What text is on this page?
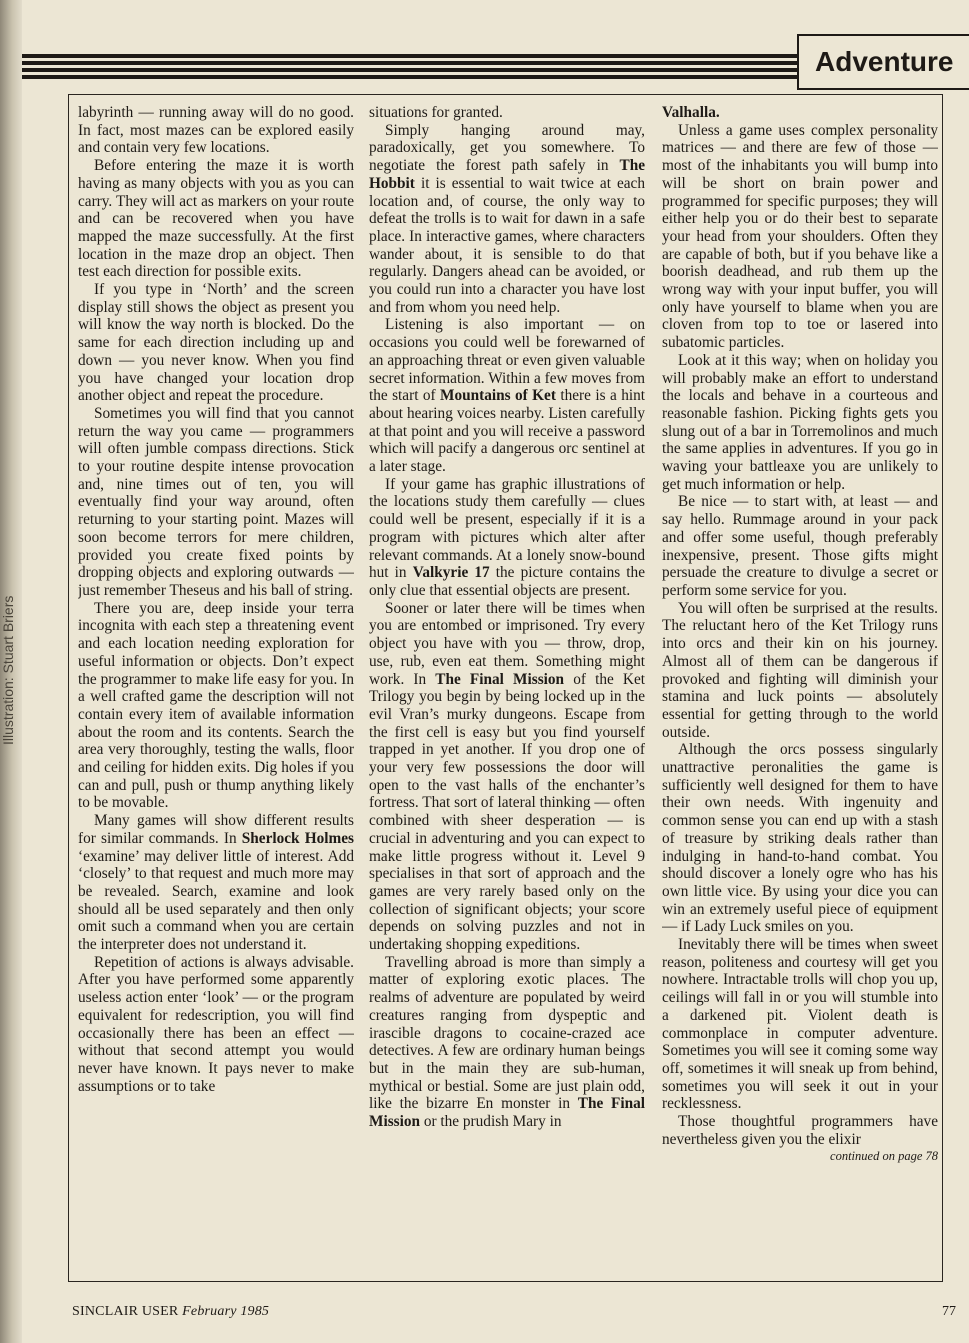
Illustration: Stuart Briers
Adventure

labyrinth — running away will do no good. In fact, most mazes can be explored easily and contain very few locations.

Before entering the maze it is worth having as many objects with you as you can carry. They will act as markers on your route and can be recovered when you have mapped the maze successfully. At the first location in the maze drop an object. Then test each direction for possible exits.

If you type in ‘North’ and the screen display still shows the object as present you will know the way north is blocked. Do the same for each direction including up and down — you never know. When you find you have changed your location drop another object and repeat the procedure.

Sometimes you will find that you cannot return the way you came — programmers will often jumble compass directions. Stick to your routine despite intense provocation and, nine times out of ten, you will eventually find your way around, often returning to your starting point. Mazes will soon become terrors for mere children, provided you create fixed points by dropping objects and exploring outwards — just remember Theseus and his ball of string.

There you are, deep inside your terra incognita with each step a threatening event and each location needing exploration for useful information or objects. Don’t expect the programmer to make life easy for you. In a well crafted game the description will not contain every item of available information about the room and its contents. Search the area very thoroughly, testing the walls, floor and ceiling for hidden exits. Dig holes if you can and pull, push or thump anything likely to be movable.

Many games will show different results for similar commands. In Sherlock Holmes ‘examine’ may deliver little of interest. Add ‘closely’ to that request and much more may be revealed. Search, examine and look should all be used separately and then only omit such a command when you are certain the interpreter does not understand it.

Repetition of actions is always advisable. After you have performed some apparently useless action enter ‘look’ — or the program equivalent for redescription, you will find occasionally there has been an effect — without that second attempt you would never have known. It pays never to make assumptions or to take

situations for granted.

Simply hanging around may, paradoxically, get you somewhere. To negotiate the forest path safely in The Hobbit it is essential to wait twice at each location and, of course, the only way to defeat the trolls is to wait for dawn in a safe place. In interactive games, where characters wander about, it is sensible to do that regularly. Dangers ahead can be avoided, or you could run into a character you have lost and from whom you need help.

Listening is also important — on occasions you could well be forewarned of an approaching threat or even given valuable secret information. Within a few moves from the start of Mountains of Ket there is a hint about hearing voices nearby. Listen carefully at that point and you will receive a password which will pacify a dangerous orc sentinel at a later stage.

If your game has graphic illustrations of the locations study them carefully — clues could well be present, especially if it is a program with pictures which alter after relevant commands. At a lonely snow-bound hut in Valkyrie 17 the picture contains the only clue that essential objects are present.

Sooner or later there will be times when you are entombed or imprisoned. Try every object you have with you — throw, drop, use, rub, even eat them. Something might work. In The Final Mission of the Ket Trilogy you begin by being locked up in the evil Vran’s murky dungeons. Escape from the first cell is easy but you find yourself trapped in yet another. If you drop one of your very few possessions the door will open to the vast halls of the enchanter’s fortress. That sort of lateral thinking — often combined with sheer desperation — is crucial in adventuring and you can expect to make little progress without it. Level 9 specialises in that sort of approach and the games are very rarely based only on the collection of significant objects; your score depends on solving puzzles and not in undertaking shopping expeditions.

Travelling abroad is more than simply a matter of exploring exotic places. The realms of adventure are populated by weird creatures ranging from dyspeptic and irascible dragons to cocaine-crazed ace detectives. A few are ordinary human beings but in the main they are sub-human, mythical or bestial. Some are just plain odd, like the bizarre En monster in The Final Mission or the prudish Mary in

Valhalla.

Unless a game uses complex personality matrices — and there are few of those — most of the inhabitants you will bump into will be short on brain power and programmed for specific purposes; they will either help you or do their best to separate your head from your shoulders. Often they are capable of both, but if you behave like a boorish deadhead, and rub them up the wrong way with your input buffer, you will only have yourself to blame when you are cloven from top to toe or lasered into subatomic particles.

Look at it this way; when on holiday you will probably make an effort to understand the locals and behave in a courteous and reasonable fashion. Picking fights gets you slung out of a bar in Torremolinos and much the same applies in adventures. If you go in waving your battleaxe you are unlikely to get much information or help.

Be nice — to start with, at least — and say hello. Rummage around in your pack and offer some useful, though preferably inexpensive, present. Those gifts might persuade the creature to divulge a secret or perform some service for you.

You will often be surprised at the results. The reluctant hero of the Ket Trilogy runs into orcs and their kin on his journey. Almost all of them can be dangerous if provoked and fighting will diminish your stamina and luck points — absolutely essential for getting through to the world outside.

Although the orcs possess singularly unattractive peronalities the game is sufficiently well designed for them to have their own needs. With ingenuity and common sense you can end up with a stash of treasure by striking deals rather than indulging in hand-to-hand combat. You should discover a lonely ogre who has his own little vice. By using your dice you can win an extremely useful piece of equipment — if Lady Luck smiles on you.

Inevitably there will be times when sweet reason, politeness and courtesy will get you nowhere. Intractable trolls will chop you up, ceilings will fall in or you will stumble into a darkened pit. Violent death is commonplace in computer adventure. Sometimes you will see it coming some way off, sometimes it will sneak up from behind, sometimes you will seek it out in your recklessness.

Those thoughtful programmers have nevertheless given you the elixir

continued on page 78

SINCLAIR USER February 1985	77
